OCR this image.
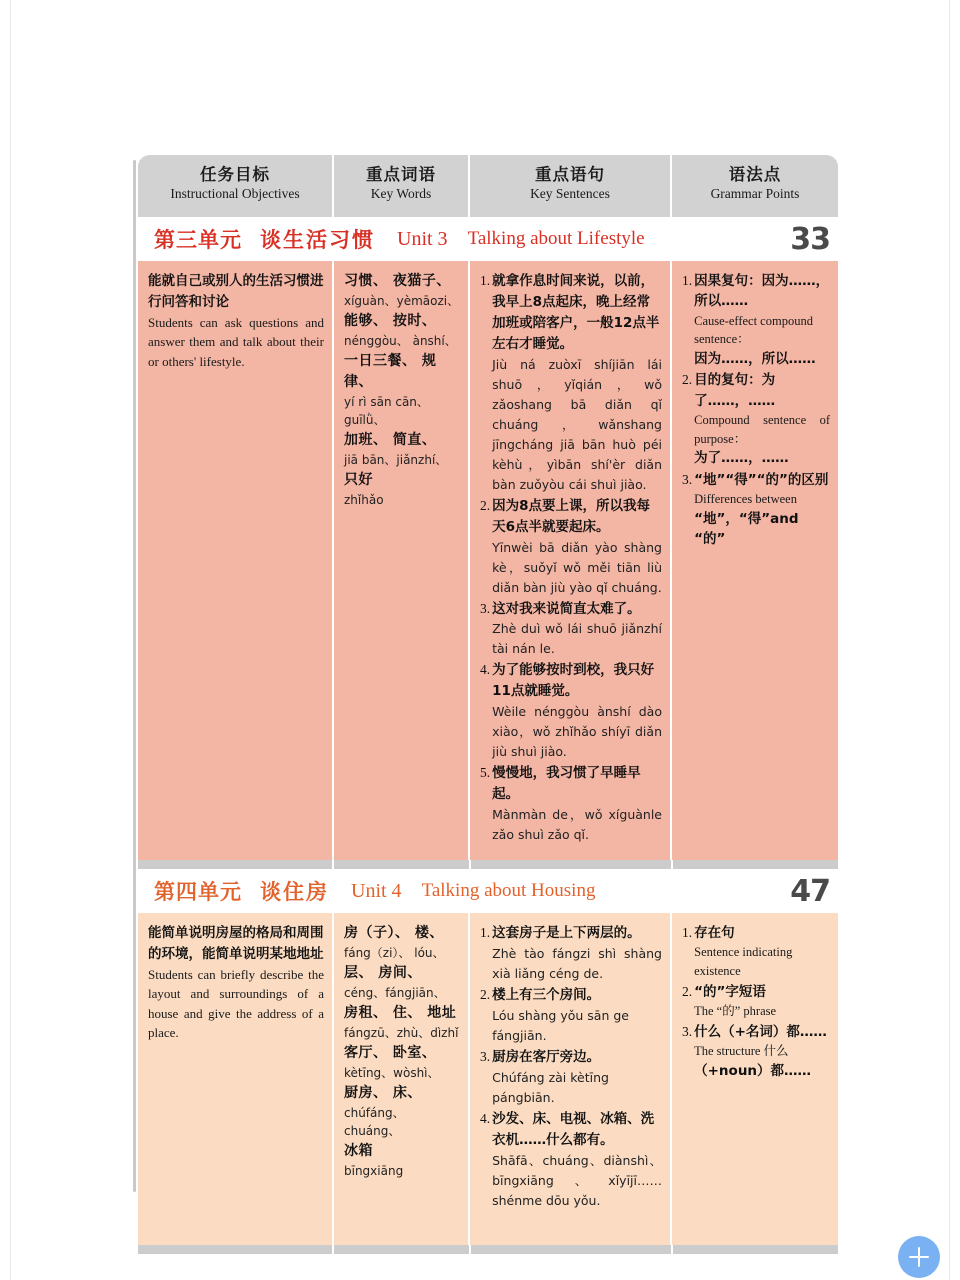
任务目标
Instructional Objectives
重点词语
Key Words
重点语句
Key Sentences
语法点
Grammar Points
第三单元 谈生活习惯 Unit 3 Talking about Lifestyle	33
能就自己或别人的生活习惯进行问答和讨论
Students can ask questions and answer them and talk about their or others' lifestyle.
习惯、 夜猫子、
xíguàn、yèmāozi、
能够、 按时、
nénggòu、 ànshí、
一日三餐、 规律、
yí rì sān cān、guīlǜ、
加班、 简直、
jiā bān、jiǎnzhí、
只好
zhǐhǎo
1. 就拿作息时间来说，以前，我早上8点起床，晚上经常加班或陪客户，一般12点半左右才睡觉。
Jiù ná zuòxī shíjiān lái shuō，yǐqián，wǒ zǎoshang bā diǎn qǐ chuáng，wǎnshang jīngcháng jiā bān huò péi kèhù，yìbān shí'èr diǎn bàn zuǒyòu cái shuì jiào.
2. 因为8点要上课，所以我每天6点半就要起床。
Yīnwèi bā diǎn yào shàng kè，suǒyǐ wǒ měi tiān liù diǎn bàn jiù yào qǐ chuáng.
3. 这对我来说简直太难了。
Zhè duì wǒ lái shuō jiǎnzhí tài nán le.
4. 为了能够按时到校，我只好11点就睡觉。
Wèile nénggòu ànshí dào xiào，wǒ zhǐhǎo shíyī diǎn jiù shuì jiào.
5. 慢慢地，我习惯了早睡早起。
Mànmàn de，wǒ xíguànle zǎo shuì zǎo qǐ.
1. 因果复句：因为……，所以……
Cause-effect compound sentence：
因为……，所以……
2. 目的复句：为了……，……
Compound sentence of purpose：
为了……，……
3. “地”“得”“的”的区别
Differences between
“地”，“得”and “的”
第四单元 谈住房 Unit 4 Talking about Housing	47
能简单说明房屋的格局和周围的环境，能简单说明某地地址
Students can briefly describe the layout and surroundings of a house and give the address of a place.
房（子）、 楼、
fáng（zi）、 lóu、
层、 房间、
céng、fángjiān、
房租、 住、 地址
fángzū、zhù、dìzhǐ
客厅、 卧室、
kètīng、wòshì、
厨房、 床、
chúfáng、chuáng、
冰箱
bīngxiāng
1. 这套房子是上下两层的。
Zhè tào fángzi shì shàng xià liǎng céng de.
2. 楼上有三个房间。
Lóu shàng yǒu sān ge fángjiān.
3. 厨房在客厅旁边。
Chúfáng zài kètīng pángbiān.
4. 沙发、床、电视、冰箱、洗衣机……什么都有。
Shāfā、chuáng、diànshì、bīngxiāng、xǐyījī…… shénme dōu yǒu.
1. 存在句
Sentence indicating existence
2. “的”字短语
The “的” phrase
3. 什么（+名词）都……
The structure 什么
（+noun）都……
